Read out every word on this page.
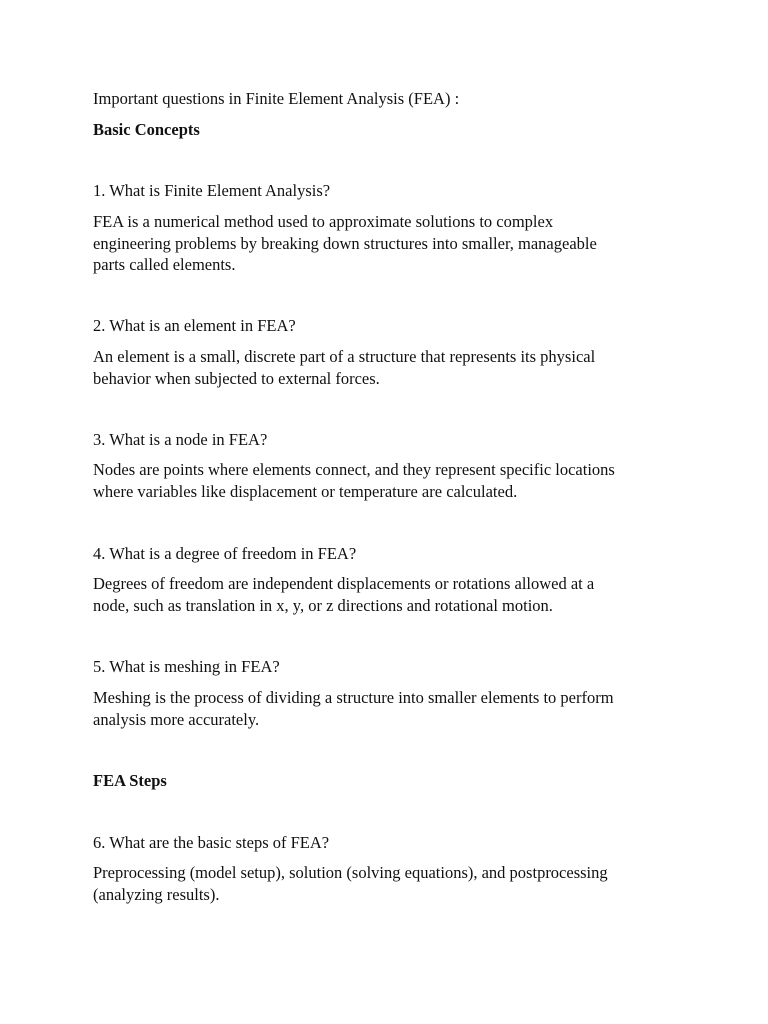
Important questions in Finite Element Analysis (FEA) :
Basic Concepts
1. What is Finite Element Analysis?
FEA is a numerical method used to approximate solutions to complex
engineering problems by breaking down structures into smaller, manageable
parts called elements.
2. What is an element in FEA?
An element is a small, discrete part of a structure that represents its physical
behavior when subjected to external forces.
3. What is a node in FEA?
Nodes are points where elements connect, and they represent specific locations
where variables like displacement or temperature are calculated.
4. What is a degree of freedom in FEA?
Degrees of freedom are independent displacements or rotations allowed at a
node, such as translation in x, y, or z directions and rotational motion.
5. What is meshing in FEA?
Meshing is the process of dividing a structure into smaller elements to perform
analysis more accurately.
FEA Steps
6. What are the basic steps of FEA?
Preprocessing (model setup), solution (solving equations), and postprocessing
(analyzing results).
